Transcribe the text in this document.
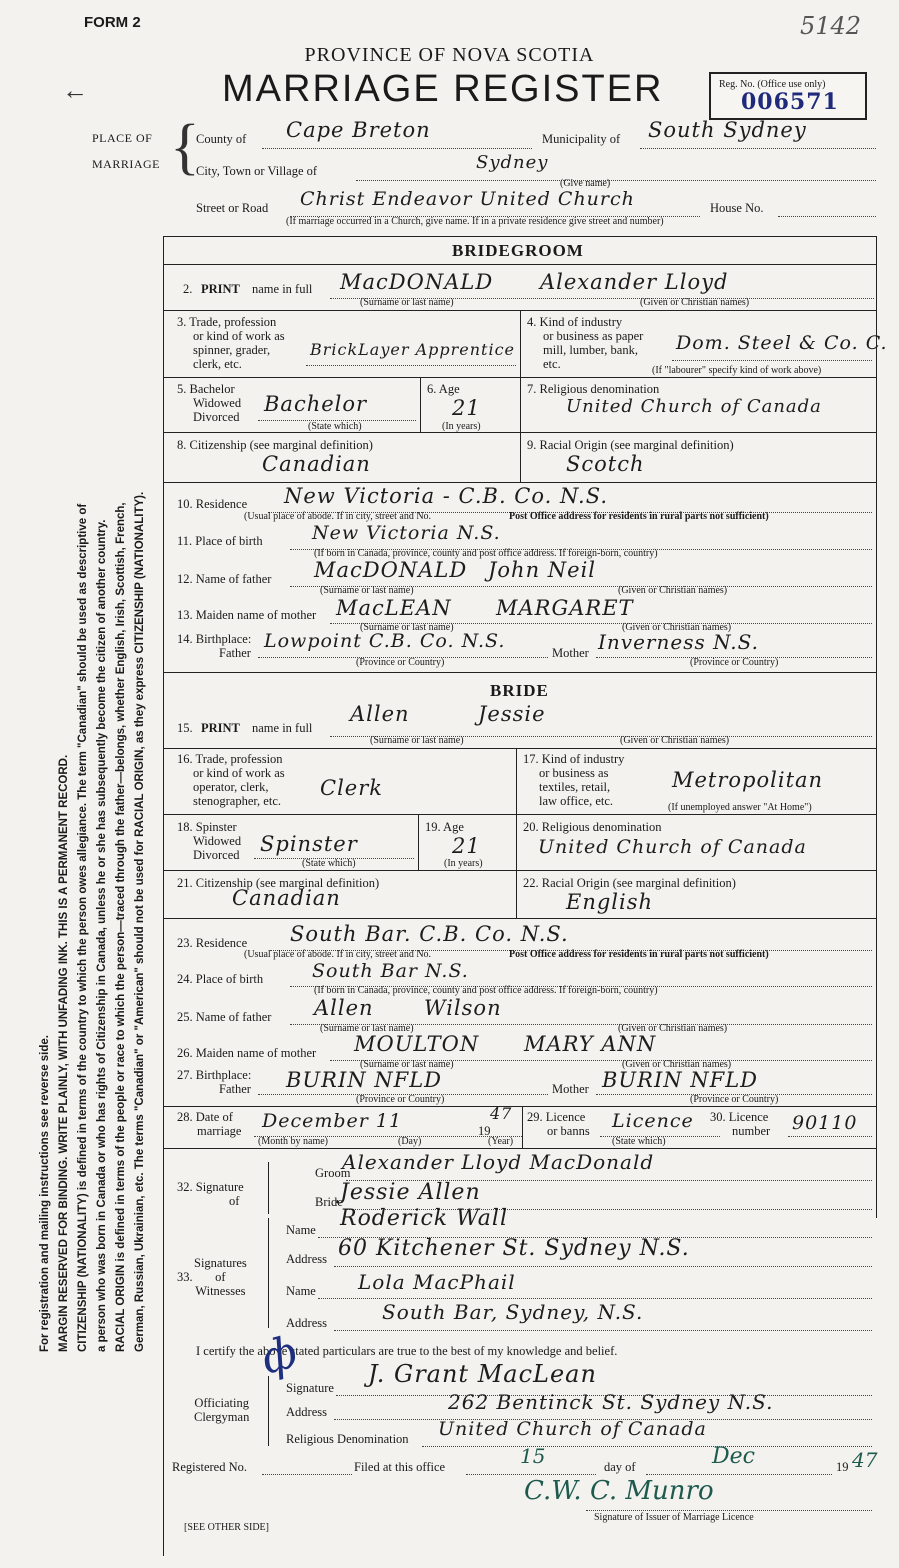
FORM 2	5142
PROVINCE OF NOVA SCOTIA
←	MARRIAGE REGISTER	Reg. No. (Office use only)
006571
PLACE OF
MARRIAGE {
County of Cape Breton	Municipality of South Sydney
City, Town or Village of	Sydney
(Give name)
Street or Road Christ Endeavor United Church	House No.
(If marriage occurred in a Church, give name. If in a private residence give street and number)
For registration and mailing instructions see reverse side. MARGIN RESERVED FOR BINDING. WRITE PLAINLY, WITH UNFADING INK. THIS IS A PERMANENT RECORD. CITIZENSHIP (NATIONALITY) is defined in terms of the country to which the person owes allegiance. The term "Canadian" should be used as descriptive of a person who was born in Canada or who has rights of Citizenship in Canada, unless he or she has subsequently become the citizen of another country. RACIAL ORIGIN is defined in terms of the people or race to which the person—traced through the father—belongs, whether English, Irish, Scottish, French, German, Russian, Ukrainian, etc. The terms "Canadian" or "American" should not be used for RACIAL ORIGIN, as they express CITIZENSHIP (NATIONALITY).
BRIDEGROOM
2. PRINT name in full MacDONALD Alexander Lloyd
(Surname or last name)	(Given or Christian names)
3. Trade, profession
or kind of work as
spinner, grader,
clerk, etc.
BrickLayer Apprentice
4. Kind of industry
or business as paper
mill, lumber, bank,
etc.
Dom. Steel & Co. C.
(If "labourer" specify kind of work above)
5. Bachelor
Widowed
Divorced
Bachelor
(State which)
6. Age
21
(In years)
7. Religious denomination
United Church of Canada
8. Citizenship (see marginal definition)
Canadian
9. Racial Origin (see marginal definition)
Scotch
10. Residence New Victoria - C.B. Co. N.S.
(Usual place of abode. If in city, street and No.	Post Office address for residents in rural parts not sufficient)
11. Place of birth	New Victoria N.S.
(If born in Canada, province, county and post office address. If foreign-born, country)
12. Name of father MacDONALD John Neil
(Surname or last name)	(Given or Christian names)
13. Maiden name of mother MacLEAN MARGARET
(Surname or last name)	(Given or Christian names)
14. Birthplace:
Father
Lowpoint C.B. Co. N.S.
Mother Inverness N.S.
(Province or Country)	(Province or Country)
BRIDE
15. PRINT name in full
Allen	Jessie
(Surname or last name)	(Given or Christian names)
16. Trade, profession
or kind of work as
operator, clerk,
stenographer, etc.
Clerk
17. Kind of industry
or business as
textiles, retail,
law office, etc.
Metropolitan
(If unemployed answer "At Home")
18. Spinster
Widowed
Divorced Spinster
(State which)
19. Age
21
(In years)
20. Religious denomination
United Church of Canada
21. Citizenship (see marginal definition)
Canadian
22. Racial Origin (see marginal definition)
English
23. Residence South Bar. C.B. Co. N.S.
(Usual place of abode. If in city, street and No.	Post Office address for residents in rural parts not sufficient)
24. Place of birth	South Bar N.S.
(If born in Canada, province, county and post office address. If foreign-born, country)
25. Name of father Allen Wilson
(Surname or last name)	(Given or Christian names)
26. Maiden name of mother MOULTON MARY ANN
(Surname or last name)	(Given or Christian names)
27. Birthplace:
Father BURIN NFLD	Mother BURIN NFLD
(Province or Country)	(Province or Country)
28. Date of
marriage December 11	19
47
(Month by name)	(Day)	(Year)
29. Licence
or banns Licence
(State which)
30. Licence
number 90110
32. Signature
of
Groom
Alexander Lloyd MacDonald
Bride
Jessie Allen
33.
Signatures
of
Witnesses
Name Roderick Wall
Address 60 Kitchener St. Sydney N.S.
Name Lola MacPhail
Address	South Bar, Sydney, N.S.
I certify the above stated particulars are true to the best of my knowledge and belief.
ф
Officiating
Clergyman
Signature J. Grant MacLean
Address	262 Bentinck St. Sydney N.S.
Religious Denomination United Church of Canada
Registered No.	Filed at this office	15	day of	Dec	19 47
C.W. C. Munro
Signature of Issuer of Marriage Licence
[SEE OTHER SIDE]
